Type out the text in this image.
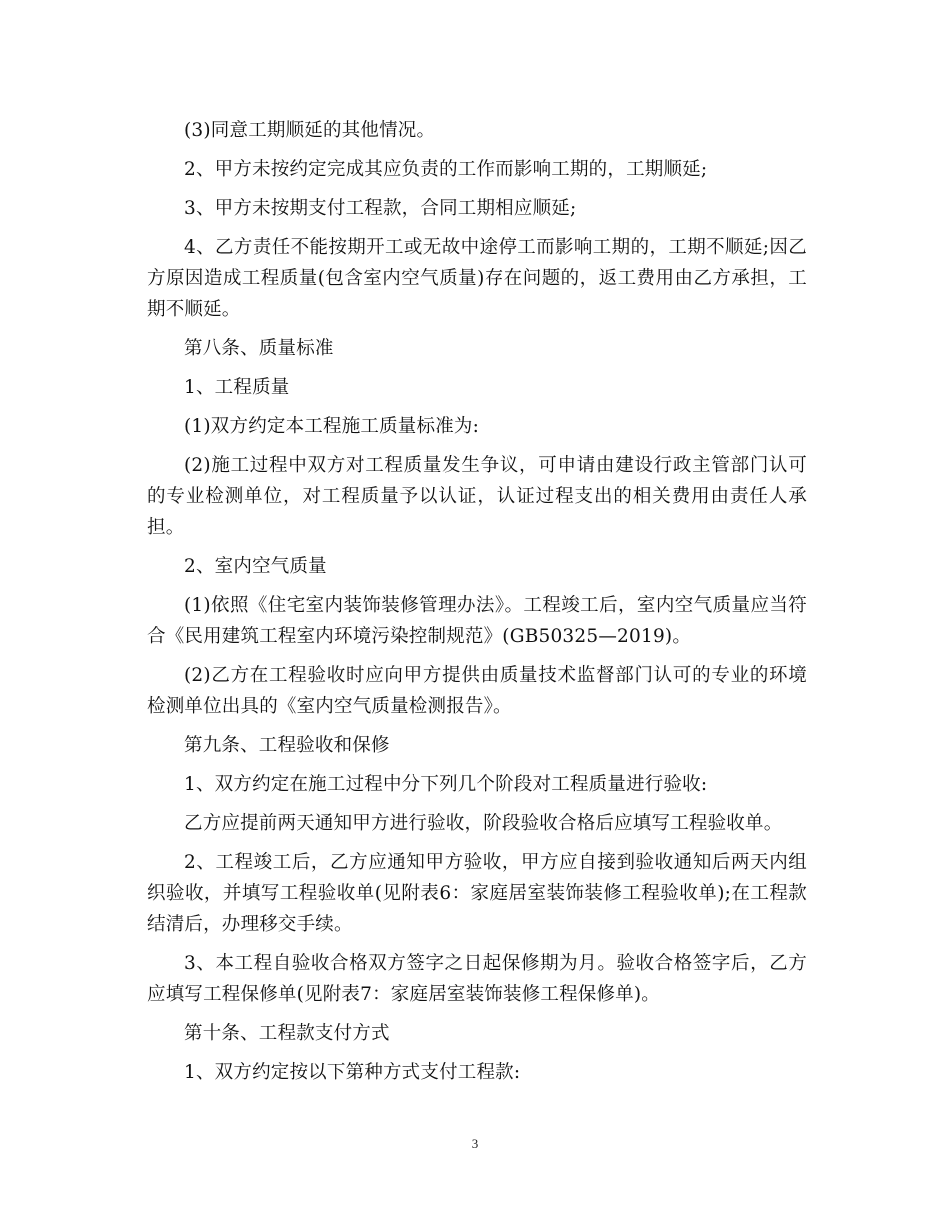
(3)同意工期顺延的其他情况。

2、甲方未按约定完成其应负责的工作而影响工期的，工期顺延;

3、甲方未按期支付工程款，合同工期相应顺延;

4、乙方责任不能按期开工或无故中途停工而影响工期的，工期不顺延;因乙方原因造成工程质量(包含室内空气质量)存在问题的，返工费用由乙方承担，工期不顺延。

第八条、质量标准

1、工程质量

(1)双方约定本工程施工质量标准为:

(2)施工过程中双方对工程质量发生争议，可申请由建设行政主管部门认可的专业检测单位，对工程质量予以认证，认证过程支出的相关费用由责任人承担。

2、室内空气质量

(1)依照《住宅室内装饰装修管理办法》。工程竣工后，室内空气质量应当符合《民用建筑工程室内环境污染控制规范》(GB50325—2019)。

(2)乙方在工程验收时应向甲方提供由质量技术监督部门认可的专业的环境检测单位出具的《室内空气质量检测报告》。

第九条、工程验收和保修

1、双方约定在施工过程中分下列几个阶段对工程质量进行验收:

乙方应提前两天通知甲方进行验收，阶段验收合格后应填写工程验收单。

2、工程竣工后，乙方应通知甲方验收，甲方应自接到验收通知后两天内组织验收，并填写工程验收单(见附表6：家庭居室装饰装修工程验收单);在工程款结清后，办理移交手续。

3、本工程自验收合格双方签字之日起保修期为月。验收合格签字后，乙方应填写工程保修单(见附表7：家庭居室装饰装修工程保修单)。

第十条、工程款支付方式

1、双方约定按以下第种方式支付工程款:

3
